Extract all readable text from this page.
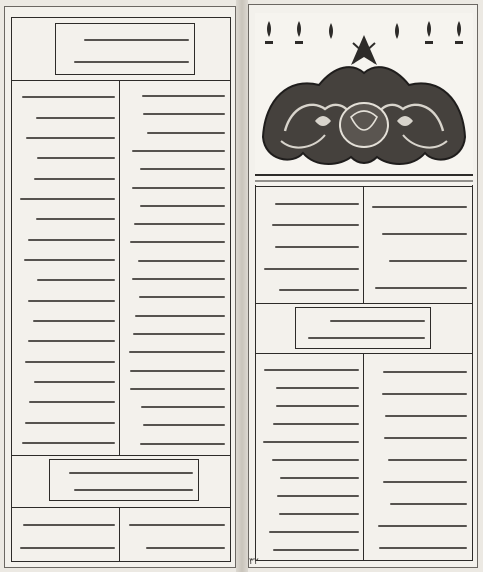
٣٢
